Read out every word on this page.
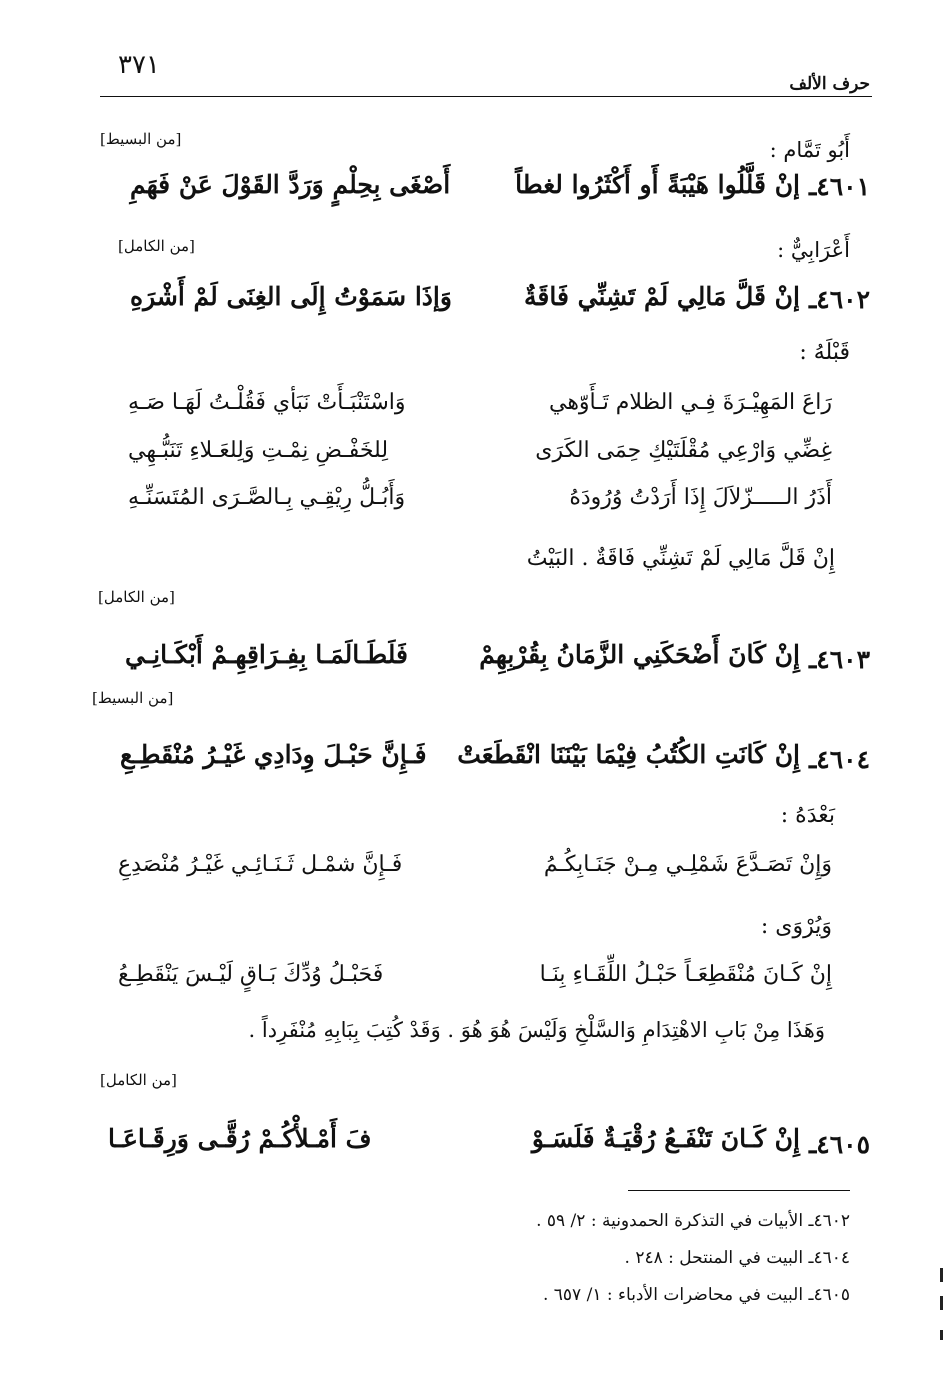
٣٧١
حرف الألف
[من البسيط]	أَبُو تَمَّام :
٤٦٠١ـ
إنْ قَلَّلُوا هَيْبَةً أَو أَكْثَرُوا لغطاً
أَصْغَى بِحِلْمٍ وَرَدَّ القَوْلَ عَنْ فَهَمِ
[من الكامل]	أَعْرَابِيٌّ :
٤٦٠٢ـ
إنْ قَلَّ مَالِي لَمْ تَشِنِّي فَاقَةٌ
وَإذَا سَمَوْتُ إِلَى الغِنَى لَمْ أَشْرَهِ
قَبْلَهُ :
رَاعَ المَهِيْـرَةَ فِـي الظلام تَـأَوّهي
وَاسْتَنْبَـأَتْ نَبَأي فَقُلْـتُ لَهَـا صَـهِ
غِضِّي وَارْعِي مُقْلَتَيْكِ حِمَى الكَرَى
لِلخَفْـضِ نِمْـتِ وَلِلعَـلاءِ تَنَبُّـهِي
أَذَرُ الـــــزّلاَلَ إِذَا أَرَدْتُ وُرُودَهُ
وَأَبُـلُّ رِيْقِـي بِـالصَّـرَى المُتَسَنِّـهِ
إِنْ قَلَّ مَالِي لَمْ تَشِنِّي فَاقَةٌ . البَيْتُ
[من الكامل]
٤٦٠٣ـ
إِنْ كَانَ أَضْحَكَنِي الزَّمَانُ بِقُرْبِهِمْ
فَلَطَـالَمَـا بِفِـرَاقِهِـمْ أَبْكَـانِـي
[من البسيط]
٤٦٠٤ـ
إِنْ كَانَتِ الكُتُبُ فِيْمَا بَيْنَنَا انْقَطَعَتْ
فَـإِنَّ حَبْـلَ وِدَادِي غَيْـرُ مُنْقَطِـعِ
بَعْدَهُ :
وَإِنْ تَصَـدَّعَ شَمْلِـي مِـنْ جَنَـابِكُـمُ
فَـإِنَّ شمْـل ثَـنَـائِـي غَيْـرُ مُنْصَدِعِ
وَيُرْوَى :
إِنْ كَـانَ مُنْقَطِعَـاً حَبْـلُ اللِّقَـاءِ بِنَـا
فَحَبْـلُ وُدِّكَ بَـاقٍ لَيْـسَ يَنْقَطِـعُ
وَهَذَا مِنْ بَابِ الاهْتِدَامِ وَالسَّلْخِ وَلَيْسَ هُوَ هُوَ . وَقَدْ كُتِبَ بِبَابِهِ مُنْفَرِداً .
[من الكامل]
٤٦٠٥ـ
إِنْ كَـانَ تَنْفَـعُ رُقْيَـةٌ فَلَسَـوْ
فَ أَمْـلأْكُـمْ رُقَّـى وَرِقَـاعَـا
٤٦٠٢ـ الأبيات في التذكرة الحمدونية : ٢/ ٥٩ .
٤٦٠٤ـ البيت في المنتحل : ٢٤٨ .
٤٦٠٥ـ البيت في محاضرات الأدباء : ١/ ٦٥٧ .
